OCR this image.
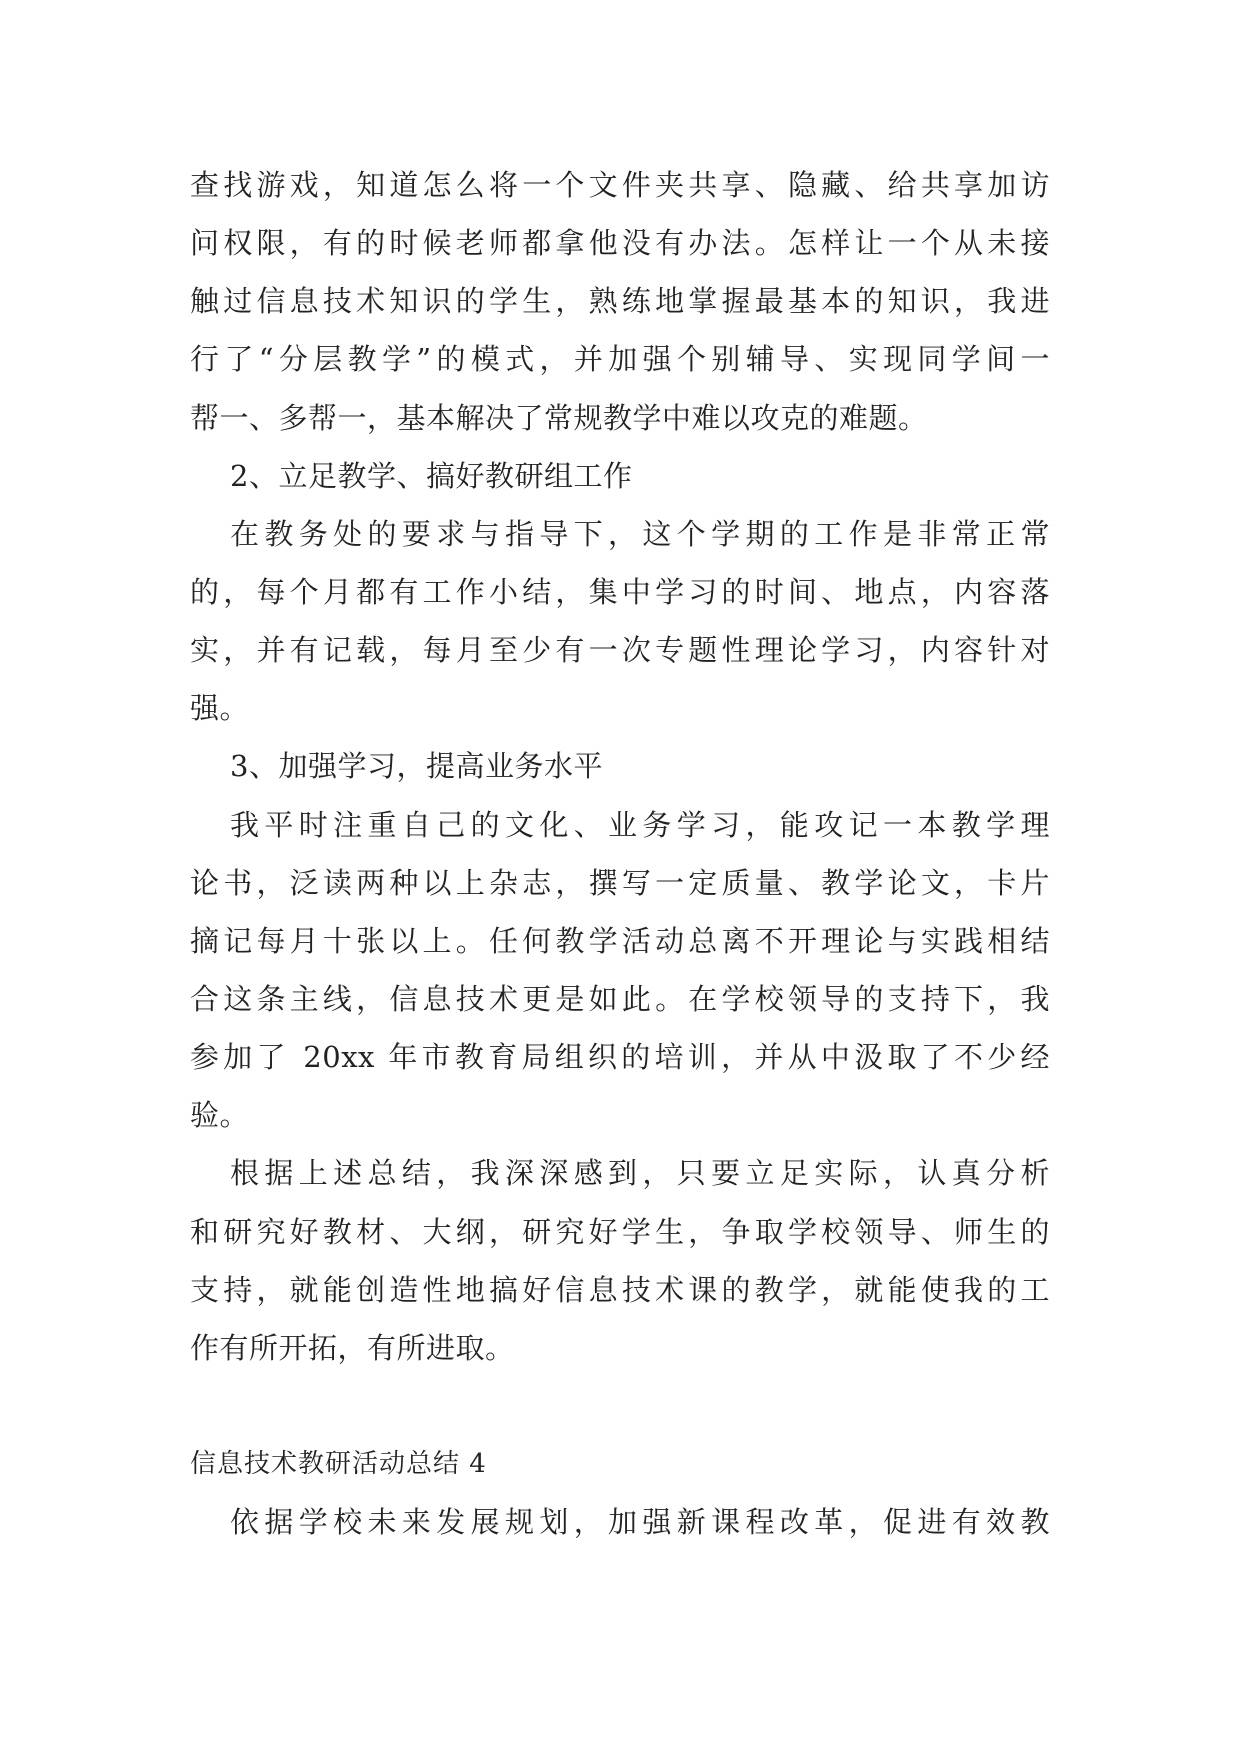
查找游戏，知道怎么将一个文件夹共享、隐藏、给共享加访
问权限，有的时候老师都拿他没有办法。怎样让一个从未接
触过信息技术知识的学生，熟练地掌握最基本的知识，我进
行了“分层教学”的模式，并加强个别辅导、实现同学间一
帮一、多帮一，基本解决了常规教学中难以攻克的难题。
2、立足教学、搞好教研组工作
在教务处的要求与指导下，这个学期的工作是非常正常
的，每个月都有工作小结，集中学习的时间、地点，内容落
实，并有记载，每月至少有一次专题性理论学习，内容针对
强。
3、加强学习，提高业务水平
我平时注重自己的文化、业务学习，能攻记一本教学理
论书，泛读两种以上杂志，撰写一定质量、教学论文，卡片
摘记每月十张以上。任何教学活动总离不开理论与实践相结
合这条主线，信息技术更是如此。在学校领导的支持下，我
参加了 20xx 年市教育局组织的培训，并从中汲取了不少经
验。
根据上述总结，我深深感到，只要立足实际，认真分析
和研究好教材、大纲，研究好学生，争取学校领导、师生的
支持，就能创造性地搞好信息技术课的教学，就能使我的工
作有所开拓，有所进取。
信息技术教研活动总结 4
依据学校未来发展规划，加强新课程改革，促进有效教
